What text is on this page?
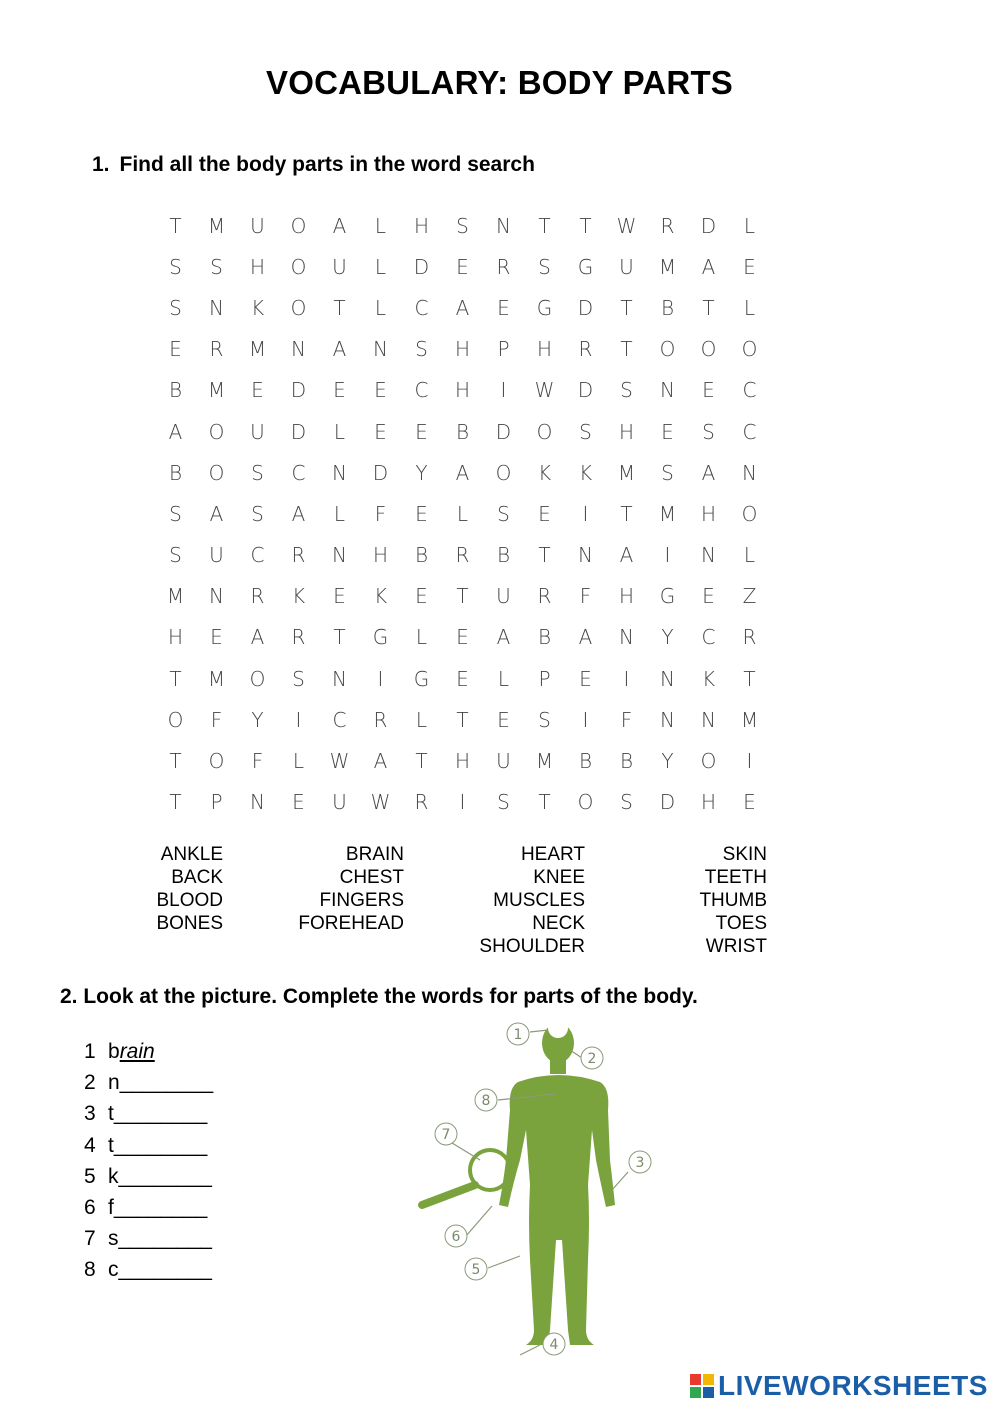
VOCABULARY: BODY PARTS
1. Find all the body parts in the word search
T	M	U	O	A	L	H	S	N	T	T	W	R	D	L
S	S	H	O	U	L	D	E	R	S	G	U	M	A	E
S	N	K	O	T	L	C	A	E	G	D	T	B	T	L
E	R	M	N	A	N	S	H	P	H	R	T	O	O	O
B	M	E	D	E	E	C	H	I	W	D	S	N	E	C
A	O	U	D	L	E	E	B	D	O	S	H	E	S	C
B	O	S	C	N	D	Y	A	O	K	K	M	S	A	N
S	A	S	A	L	F	E	L	S	E	I	T	M	H	O
S	U	C	R	N	H	B	R	B	T	N	A	I	N	L
M	N	R	K	E	K	E	T	U	R	F	H	G	E	Z
H	E	A	R	T	G	L	E	A	B	A	N	Y	C	R
T	M	O	S	N	I	G	E	L	P	E	I	N	K	T
O	F	Y	I	C	R	L	T	E	S	I	F	N	N	M
T	O	F	L	W	A	T	H	U	M	B	B	Y	O	I
T	P	N	E	U	W	R	I	S	T	O	S	D	H	E
ANKLE
BACK
BLOOD
BONES
BRAIN
CHEST
FINGERS
FOREHEAD
HEART
KNEE
MUSCLES
NECK
SHOULDER
SKIN
TEETH
THUMB
TOES
WRIST
2. Look at the picture. Complete the words for parts of the body.
1 b rain
2 n ________
3 t ________
4 t ________
5 k ________
6 f ________
7 s ________
8 c ________
1
2
3
4
5
6
7
8
LIVEWORKSHEETS
